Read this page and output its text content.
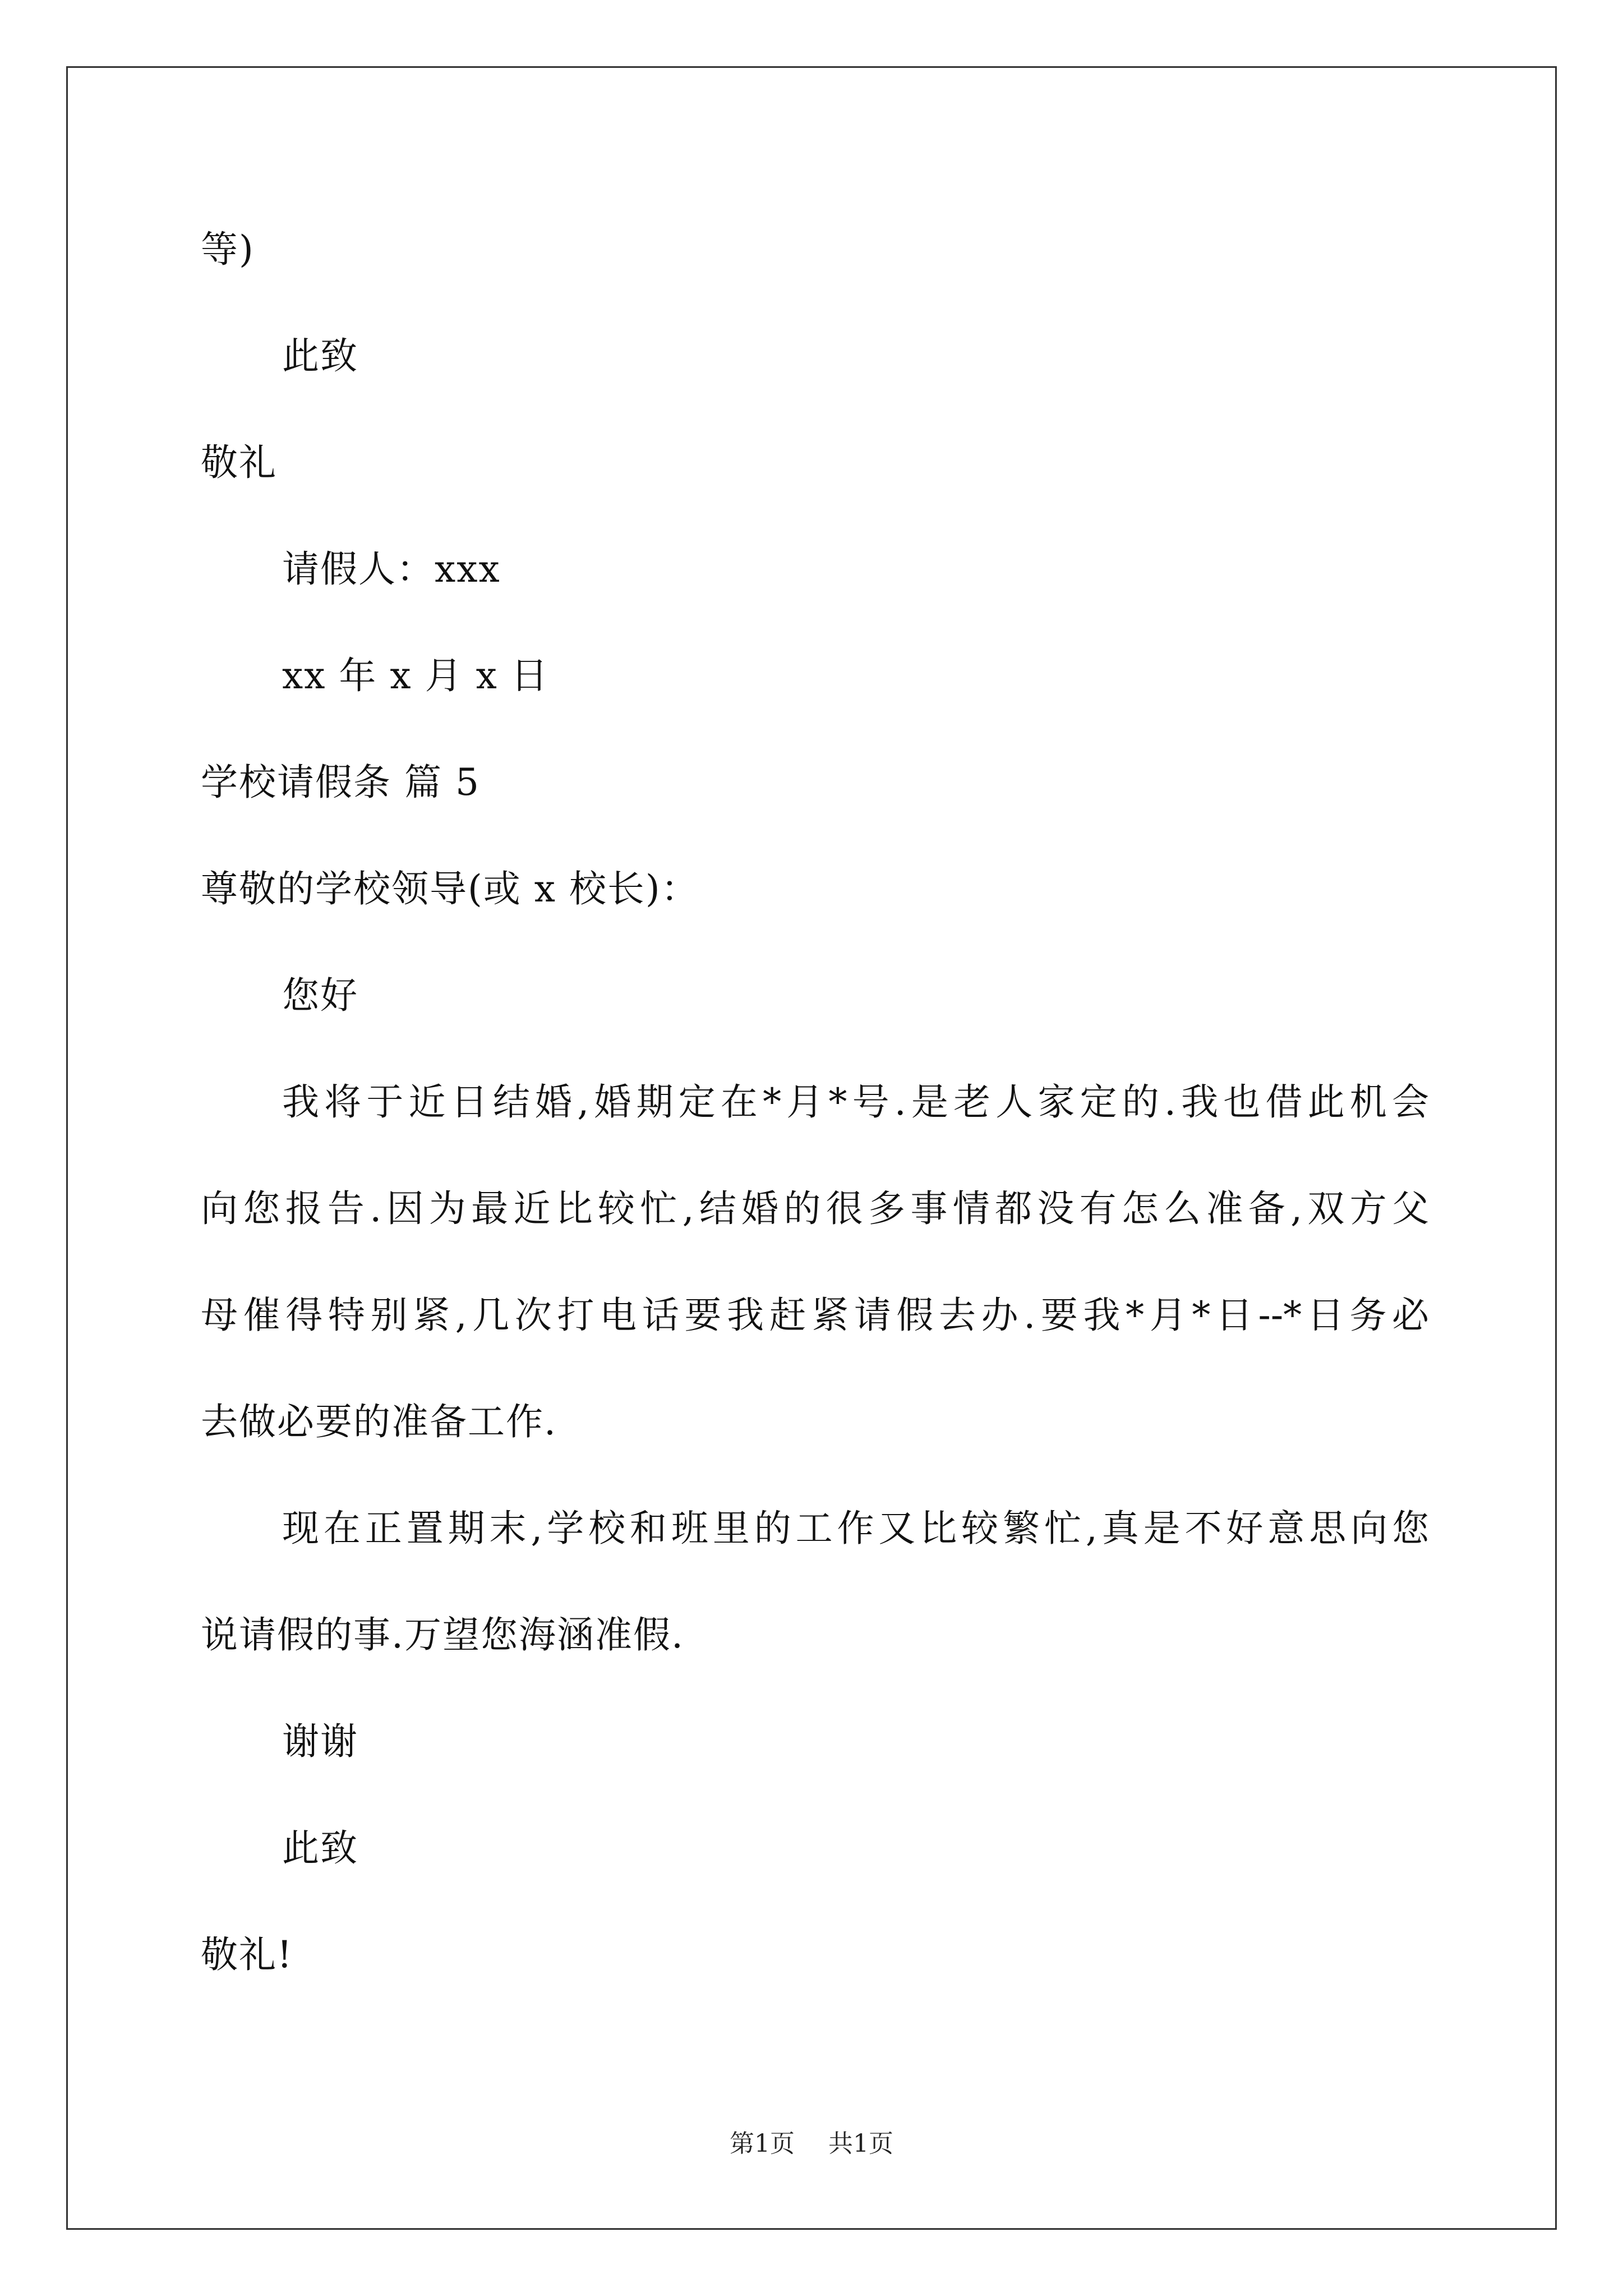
等)
此致
敬礼
请假人：xxx
xx 年 x 月 x 日
学校请假条 篇 5
尊敬的学校领导(或 x 校长)：
您好
我将于近日结婚,婚期定在*月*号.是老人家定的.我也借此机会
向您报告.因为最近比较忙,结婚的很多事情都没有怎么准备,双方父
母催得特别紧,几次打电话要我赶紧请假去办.要我*月*日--*日务必
去做必要的准备工作.
现在正置期末,学校和班里的工作又比较繁忙,真是不好意思向您
说请假的事.万望您海涵准假.
谢谢
此致
敬礼!
第1页 共1页
